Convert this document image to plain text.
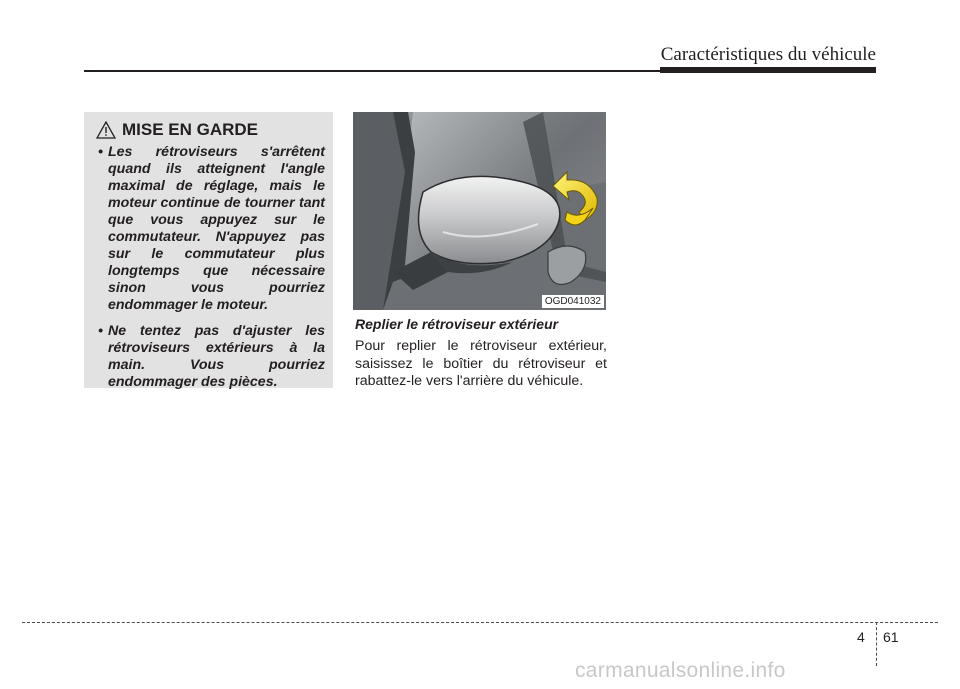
Caractéristiques du véhicule
MISE EN GARDE
• Les rétroviseurs s'arrêtent quand ils atteignent l'angle maximal de réglage, mais le moteur continue de tourner tant que vous appuyez sur le commutateur. N'appuyez pas sur le commutateur plus longtemps que nécessaire sinon vous pourriez endommager le moteur.
• Ne tentez pas d'ajuster les rétroviseurs extérieurs à la main. Vous pourriez endommager des pièces.
OGD041032
Replier le rétroviseur extérieur
Pour replier le rétroviseur extérieur, saisissez le boîtier du rétroviseur et rabattez-le vers l'arrière du véhicule.
4 61
carmanualsonline.info
